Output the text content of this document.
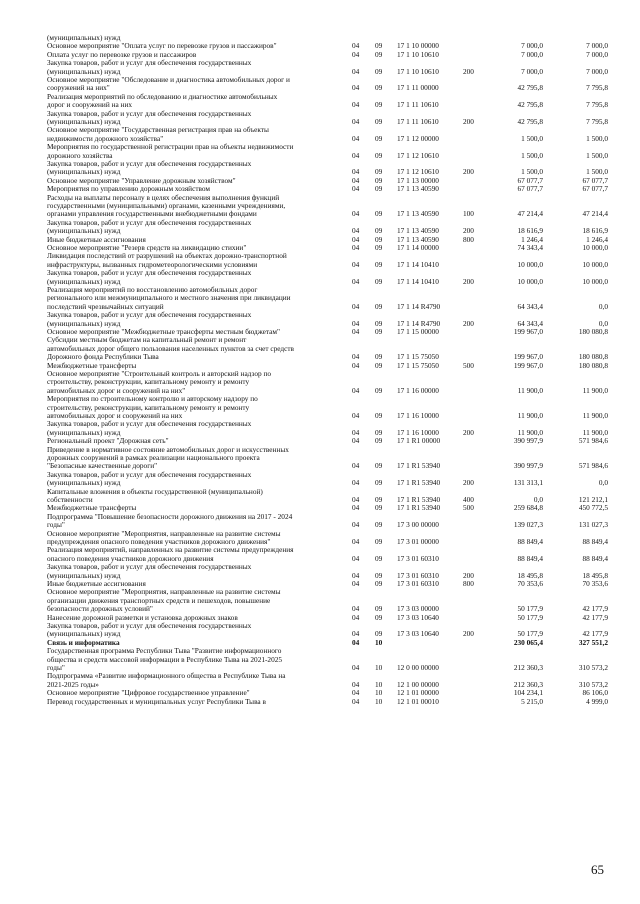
(муниципальных) нужд
Основное мероприятие "Оплата услуг по перевозке грузов и пассажиров"	04	09	17 1 10 00000	7 000,0	7 000,0
Оплата услуг по перевозке грузов и пассажиров	04	09	17 1 10 10610	7 000,0	7 000,0
Закупка товаров, работ и услуг для обеспечения государственных
(муниципальных) нужд	04	09	17 1 10 10610	200	7 000,0	7 000,0
Основное мероприятие "Обследование и диагностика автомобильных дорог и
сооружений на них"	04	09	17 1 11 00000	42 795,8	7 795,8
Реализация мероприятий по обследованию и диагностике автомобильных
дорог и сооружений на них	04	09	17 1 11 10610	42 795,8	7 795,8
Закупка товаров, работ и услуг для обеспечения государственных
(муниципальных) нужд	04	09	17 1 11 10610	200	42 795,8	7 795,8
Основное мероприятие "Государственная регистрация прав на объекты
недвижимости дорожного хозяйства"	04	09	17 1 12 00000	1 500,0	1 500,0
Мероприятия по государственной регистрации прав на объекты недвижимости
дорожного хозяйства	04	09	17 1 12 10610	1 500,0	1 500,0
Закупка товаров, работ и услуг для обеспечения государственных
(муниципальных) нужд	04	09	17 1 12 10610	200	1 500,0	1 500,0
Основное мероприятие "Управление дорожным хозяйством"	04	09	17 1 13 00000	67 077,7	67 077,7
Мероприятия по управлению дорожным хозяйством	04	09	17 1 13 40590	67 077,7	67 077,7
Расходы на выплаты персоналу в целях обеспечения выполнения функций
государственными (муниципальными) органами, казенными учреждениями,
органами управления государственными внебюджетными фондами	04	09	17 1 13 40590	100	47 214,4	47 214,4
Закупка товаров, работ и услуг для обеспечения государственных
(муниципальных) нужд	04	09	17 1 13 40590	200	18 616,9	18 616,9
Иные бюджетные ассигнования	04	09	17 1 13 40590	800	1 246,4	1 246,4
Основное мероприятие "Резерв средств на ликвидацию стихии"	04	09	17 1 14 00000	74 343,4	10 000,0
Ликвидация последствий от разрушений на объектах дорожно-транспортной
инфраструктуры, вызванных гидрометеорологическими условиями	04	09	17 1 14 10410	10 000,0	10 000,0
Закупка товаров, работ и услуг для обеспечения государственных
(муниципальных) нужд	04	09	17 1 14 10410	200	10 000,0	10 000,0
Реализация мероприятий по восстановлению автомобильных дорог
регионального или межмуниципального и местного значения при ликвидации
последствий чрезвычайных ситуаций	04	09	17 1 14 R4790	64 343,4	0,0
Закупка товаров, работ и услуг для обеспечения государственных
(муниципальных) нужд	04	09	17 1 14 R4790	200	64 343,4	0,0
Основное мероприятие "Межбюджетные трансферты местным бюджетам"	04	09	17 1 15 00000	199 967,0	180 080,8
Субсидии местным бюджетам на капитальный ремонт и ремонт
автомобильных дорог общего пользования населенных пунктов за счет средств
Дорожного фонда Республики Тыва	04	09	17 1 15 75050	199 967,0	180 080,8
Межбюджетные трансферты	04	09	17 1 15 75050	500	199 967,0	180 080,8
Основное мероприятие "Строительный контроль и авторский надзор по
строительству, реконструкции, капитальному ремонту и ремонту
автомобильных дорог и сооружений на них"	04	09	17 1 16 00000	11 900,0	11 900,0
Мероприятия по строительному контролю и авторскому надзору по
строительству, реконструкции, капитальному ремонту и ремонту
автомобильных дорог и сооружений на них	04	09	17 1 16 10000	11 900,0	11 900,0
Закупка товаров, работ и услуг для обеспечения государственных
(муниципальных) нужд	04	09	17 1 16 10000	200	11 900,0	11 900,0
Региональный проект "Дорожная сеть"	04	09	17 1 R1 00000	390 997,9	571 984,6
Приведение в нормативное состояние автомобильных дорог и искусственных
дорожных сооружений в рамках реализации национального проекта
"Безопасные качественные дороги"	04	09	17 1 R1 53940	390 997,9	571 984,6
Закупка товаров, работ и услуг для обеспечения государственных
(муниципальных) нужд	04	09	17 1 R1 53940	200	131 313,1	0,0
Капитальные вложения в объекты государственной (муниципальной)
собственности	04	09	17 1 R1 53940	400	0,0	121 212,1
Межбюджетные трансферты	04	09	17 1 R1 53940	500	259 684,8	450 772,5
Подпрограмма "Повышение безопасности дорожного движения на 2017 - 2024
годы"	04	09	17 3 00 00000	139 027,3	131 027,3
Основное мероприятие "Мероприятия, направленные на развитие системы
предупреждения опасного поведения участников дорожного движения"	04	09	17 3 01 00000	88 849,4	88 849,4
Реализация мероприятий, направленных на развитие системы предупреждения
опасного поведения участников дорожного движения	04	09	17 3 01 60310	88 849,4	88 849,4
Закупка товаров, работ и услуг для обеспечения государственных
(муниципальных) нужд	04	09	17 3 01 60310	200	18 495,8	18 495,8
Иные бюджетные ассигнования	04	09	17 3 01 60310	800	70 353,6	70 353,6
Основное мероприятие "Мероприятия, направленные на развитие системы
организации движения транспортных средств и пешеходов, повышение
безопасности дорожных условий"	04	09	17 3 03 00000	50 177,9	42 177,9
Нанесение дорожной разметки и установка дорожных знаков	04	09	17 3 03 10640	50 177,9	42 177,9
Закупка товаров, работ и услуг для обеспечения государственных
(муниципальных) нужд	04	09	17 3 03 10640	200	50 177,9	42 177,9
Связь и информатика	04	10	230 065,4	327 551,2
Государственная программа Республики Тыва "Развитие информационного
общества и средств массовой информации в Республике Тыва на 2021-2025
годы"	04	10	12 0 00 00000	212 360,3	310 573,2
Подпрограмма «Развитие информационного общества в Республике Тыва на
2021-2025 годы»	04	10	12 1 00 00000	212 360,3	310 573,2
Основное мероприятие "Цифровое государственное управление"	04	10	12 1 01 00000	104 234,1	86 106,0
Перевод государственных и муниципальных услуг Республики Тыва в	04	10	12 1 01 00010	5 215,0	4 999,0
65
